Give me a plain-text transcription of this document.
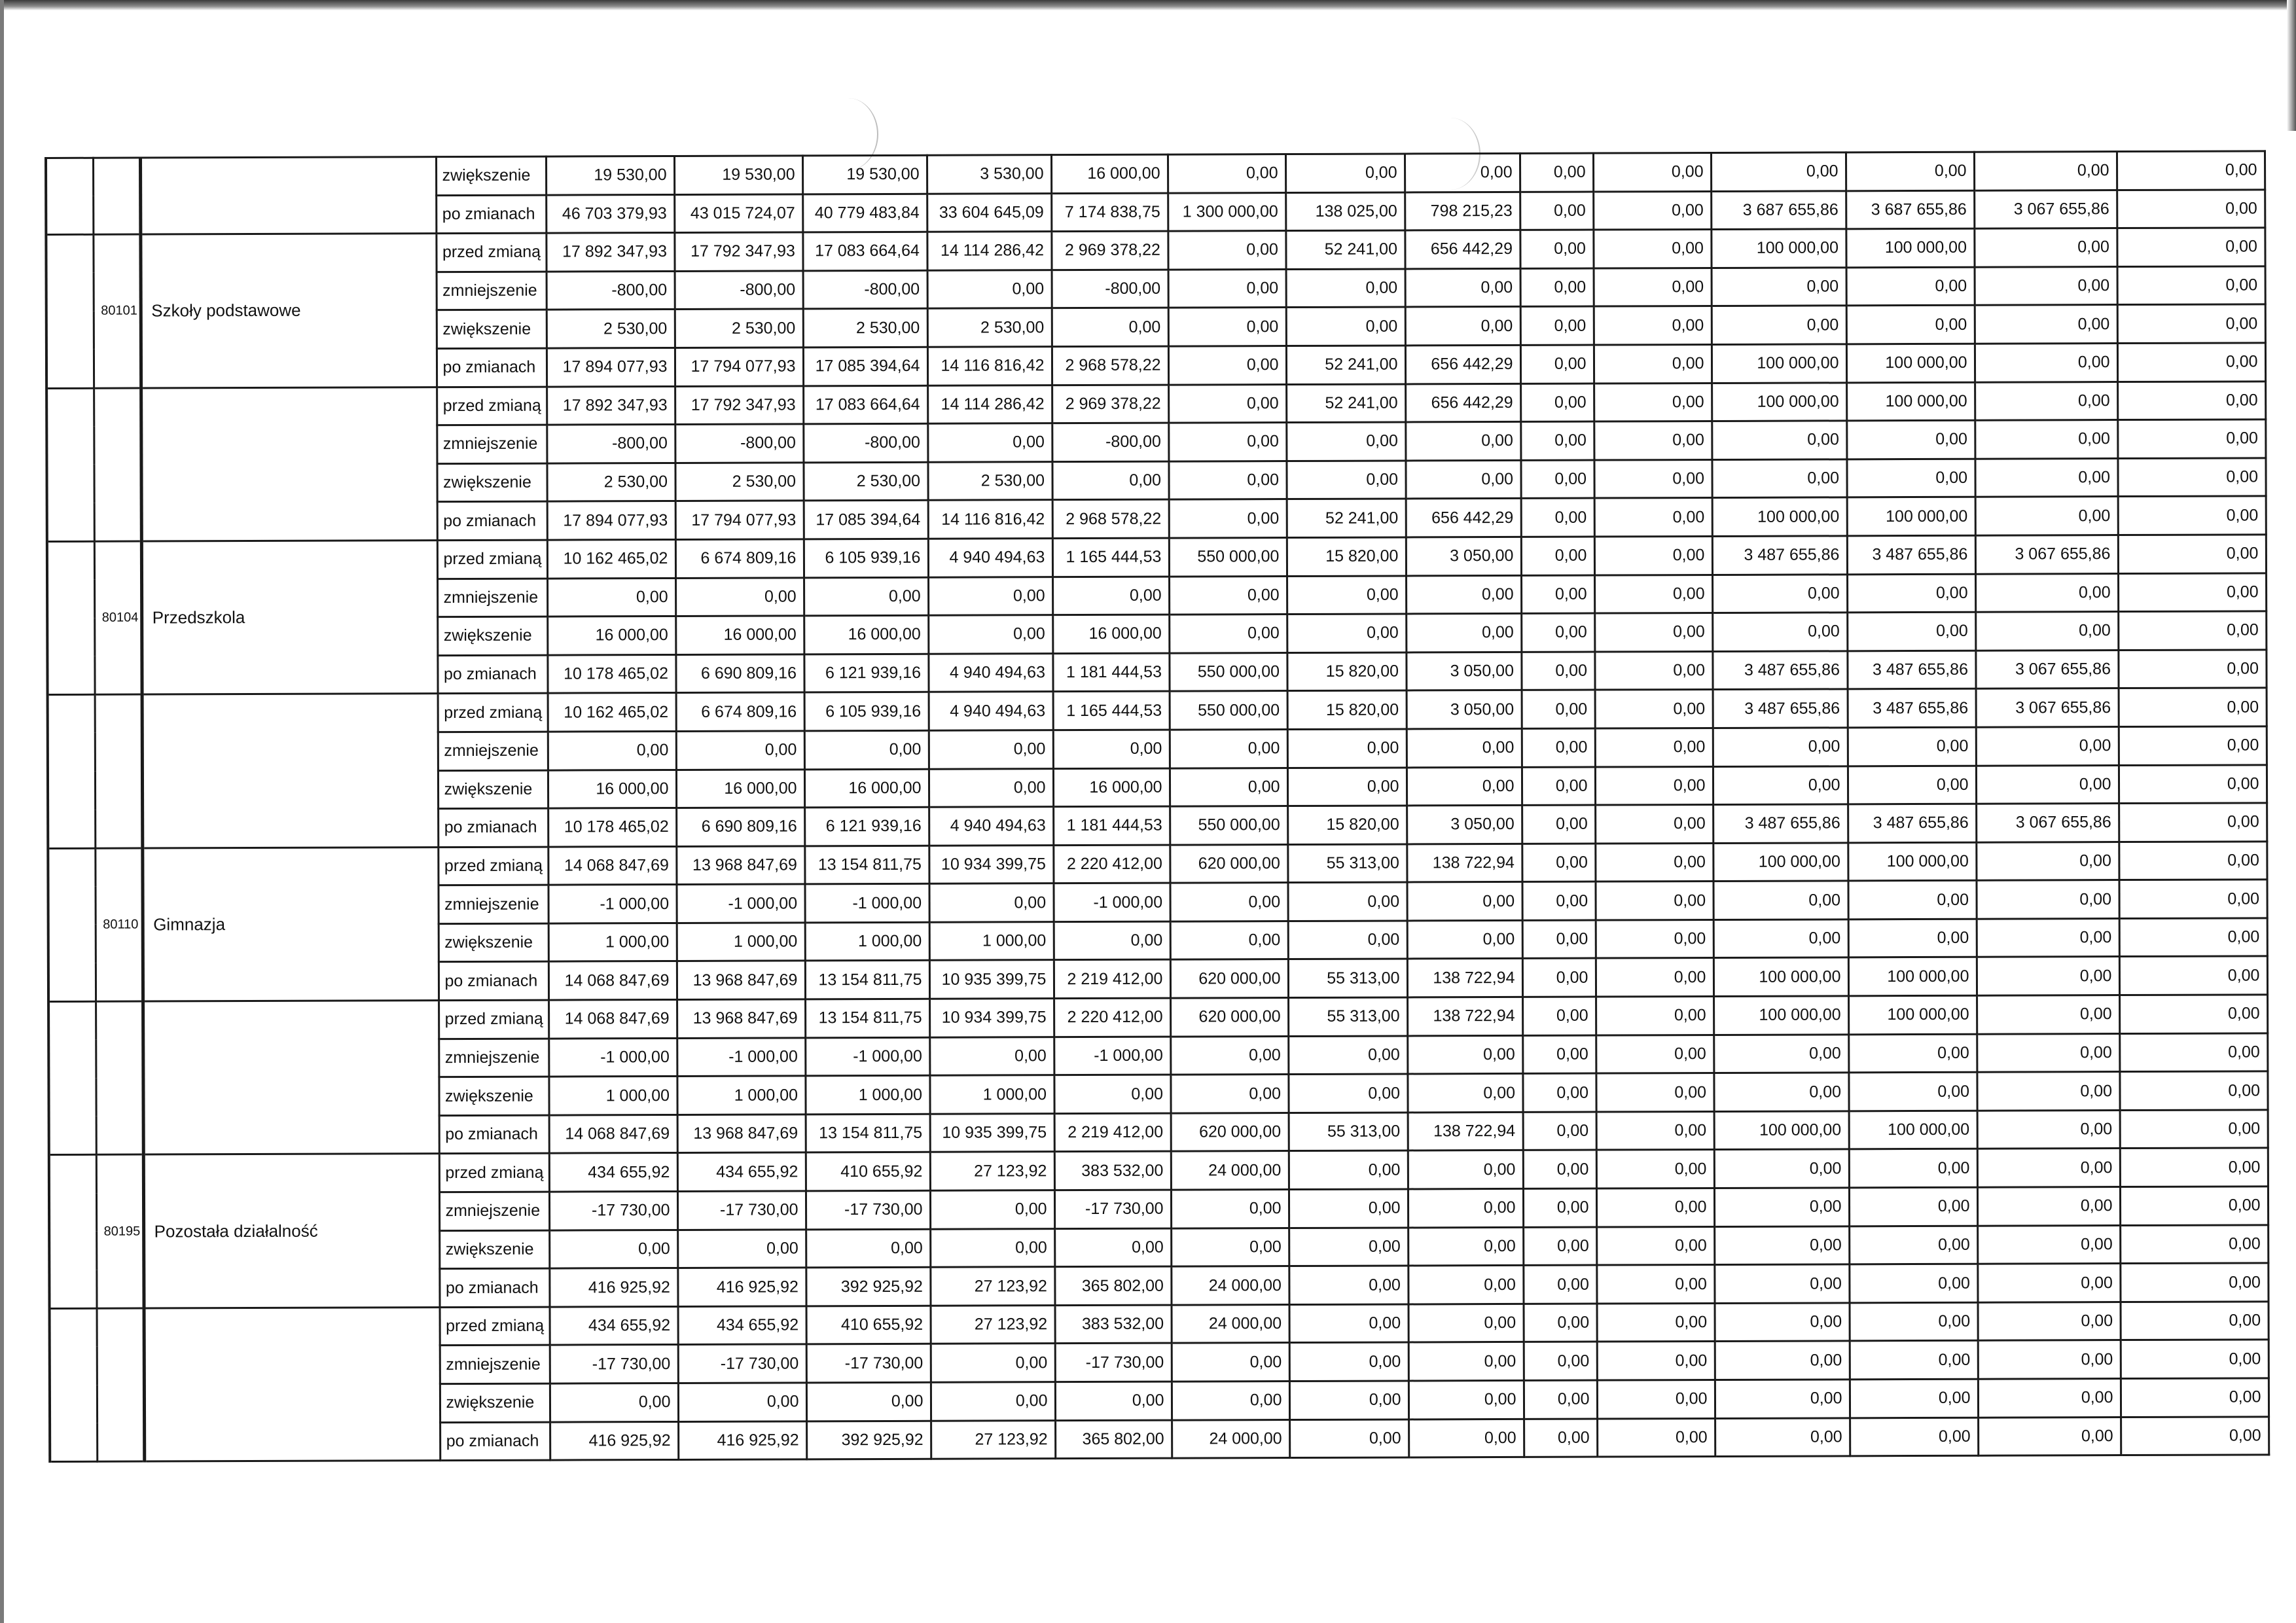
			zwiększenie	19 530,00	19 530,00	19 530,00	3 530,00	16 000,00	0,00	0,00	0,00	0,00	0,00	0,00	0,00	0,00	0,00
			po zmianach	46 703 379,93	43 015 724,07	40 779 483,84	33 604 645,09	7 174 838,75	1 300 000,00	138 025,00	798 215,23	0,00	0,00	3 687 655,86	3 687 655,86	3 067 655,86	0,00
	80101	Szkoły podstawowe	przed zmianą	17 892 347,93	17 792 347,93	17 083 664,64	14 114 286,42	2 969 378,22	0,00	52 241,00	656 442,29	0,00	0,00	100 000,00	100 000,00	0,00	0,00
			zmniejszenie	-800,00	-800,00	-800,00	0,00	-800,00	0,00	0,00	0,00	0,00	0,00	0,00	0,00	0,00	0,00
			zwiększenie	2 530,00	2 530,00	2 530,00	2 530,00	0,00	0,00	0,00	0,00	0,00	0,00	0,00	0,00	0,00	0,00
			po zmianach	17 894 077,93	17 794 077,93	17 085 394,64	14 116 816,42	2 968 578,22	0,00	52 241,00	656 442,29	0,00	0,00	100 000,00	100 000,00	0,00	0,00
			przed zmianą	17 892 347,93	17 792 347,93	17 083 664,64	14 114 286,42	2 969 378,22	0,00	52 241,00	656 442,29	0,00	0,00	100 000,00	100 000,00	0,00	0,00
			zmniejszenie	-800,00	-800,00	-800,00	0,00	-800,00	0,00	0,00	0,00	0,00	0,00	0,00	0,00	0,00	0,00
			zwiększenie	2 530,00	2 530,00	2 530,00	2 530,00	0,00	0,00	0,00	0,00	0,00	0,00	0,00	0,00	0,00	0,00
			po zmianach	17 894 077,93	17 794 077,93	17 085 394,64	14 116 816,42	2 968 578,22	0,00	52 241,00	656 442,29	0,00	0,00	100 000,00	100 000,00	0,00	0,00
	80104	Przedszkola	przed zmianą	10 162 465,02	6 674 809,16	6 105 939,16	4 940 494,63	1 165 444,53	550 000,00	15 820,00	3 050,00	0,00	0,00	3 487 655,86	3 487 655,86	3 067 655,86	0,00
			zmniejszenie	0,00	0,00	0,00	0,00	0,00	0,00	0,00	0,00	0,00	0,00	0,00	0,00	0,00	0,00
			zwiększenie	16 000,00	16 000,00	16 000,00	0,00	16 000,00	0,00	0,00	0,00	0,00	0,00	0,00	0,00	0,00	0,00
			po zmianach	10 178 465,02	6 690 809,16	6 121 939,16	4 940 494,63	1 181 444,53	550 000,00	15 820,00	3 050,00	0,00	0,00	3 487 655,86	3 487 655,86	3 067 655,86	0,00
			przed zmianą	10 162 465,02	6 674 809,16	6 105 939,16	4 940 494,63	1 165 444,53	550 000,00	15 820,00	3 050,00	0,00	0,00	3 487 655,86	3 487 655,86	3 067 655,86	0,00
			zmniejszenie	0,00	0,00	0,00	0,00	0,00	0,00	0,00	0,00	0,00	0,00	0,00	0,00	0,00	0,00
			zwiększenie	16 000,00	16 000,00	16 000,00	0,00	16 000,00	0,00	0,00	0,00	0,00	0,00	0,00	0,00	0,00	0,00
			po zmianach	10 178 465,02	6 690 809,16	6 121 939,16	4 940 494,63	1 181 444,53	550 000,00	15 820,00	3 050,00	0,00	0,00	3 487 655,86	3 487 655,86	3 067 655,86	0,00
	80110	Gimnazja	przed zmianą	14 068 847,69	13 968 847,69	13 154 811,75	10 934 399,75	2 220 412,00	620 000,00	55 313,00	138 722,94	0,00	0,00	100 000,00	100 000,00	0,00	0,00
			zmniejszenie	-1 000,00	-1 000,00	-1 000,00	0,00	-1 000,00	0,00	0,00	0,00	0,00	0,00	0,00	0,00	0,00	0,00
			zwiększenie	1 000,00	1 000,00	1 000,00	1 000,00	0,00	0,00	0,00	0,00	0,00	0,00	0,00	0,00	0,00	0,00
			po zmianach	14 068 847,69	13 968 847,69	13 154 811,75	10 935 399,75	2 219 412,00	620 000,00	55 313,00	138 722,94	0,00	0,00	100 000,00	100 000,00	0,00	0,00
			przed zmianą	14 068 847,69	13 968 847,69	13 154 811,75	10 934 399,75	2 220 412,00	620 000,00	55 313,00	138 722,94	0,00	0,00	100 000,00	100 000,00	0,00	0,00
			zmniejszenie	-1 000,00	-1 000,00	-1 000,00	0,00	-1 000,00	0,00	0,00	0,00	0,00	0,00	0,00	0,00	0,00	0,00
			zwiększenie	1 000,00	1 000,00	1 000,00	1 000,00	0,00	0,00	0,00	0,00	0,00	0,00	0,00	0,00	0,00	0,00
			po zmianach	14 068 847,69	13 968 847,69	13 154 811,75	10 935 399,75	2 219 412,00	620 000,00	55 313,00	138 722,94	0,00	0,00	100 000,00	100 000,00	0,00	0,00
	80195	Pozostała działalność	przed zmianą	434 655,92	434 655,92	410 655,92	27 123,92	383 532,00	24 000,00	0,00	0,00	0,00	0,00	0,00	0,00	0,00	0,00
			zmniejszenie	-17 730,00	-17 730,00	-17 730,00	0,00	-17 730,00	0,00	0,00	0,00	0,00	0,00	0,00	0,00	0,00	0,00
			zwiększenie	0,00	0,00	0,00	0,00	0,00	0,00	0,00	0,00	0,00	0,00	0,00	0,00	0,00	0,00
			po zmianach	416 925,92	416 925,92	392 925,92	27 123,92	365 802,00	24 000,00	0,00	0,00	0,00	0,00	0,00	0,00	0,00	0,00
			przed zmianą	434 655,92	434 655,92	410 655,92	27 123,92	383 532,00	24 000,00	0,00	0,00	0,00	0,00	0,00	0,00	0,00	0,00
			zmniejszenie	-17 730,00	-17 730,00	-17 730,00	0,00	-17 730,00	0,00	0,00	0,00	0,00	0,00	0,00	0,00	0,00	0,00
			zwiększenie	0,00	0,00	0,00	0,00	0,00	0,00	0,00	0,00	0,00	0,00	0,00	0,00	0,00	0,00
			po zmianach	416 925,92	416 925,92	392 925,92	27 123,92	365 802,00	24 000,00	0,00	0,00	0,00	0,00	0,00	0,00	0,00	0,00
